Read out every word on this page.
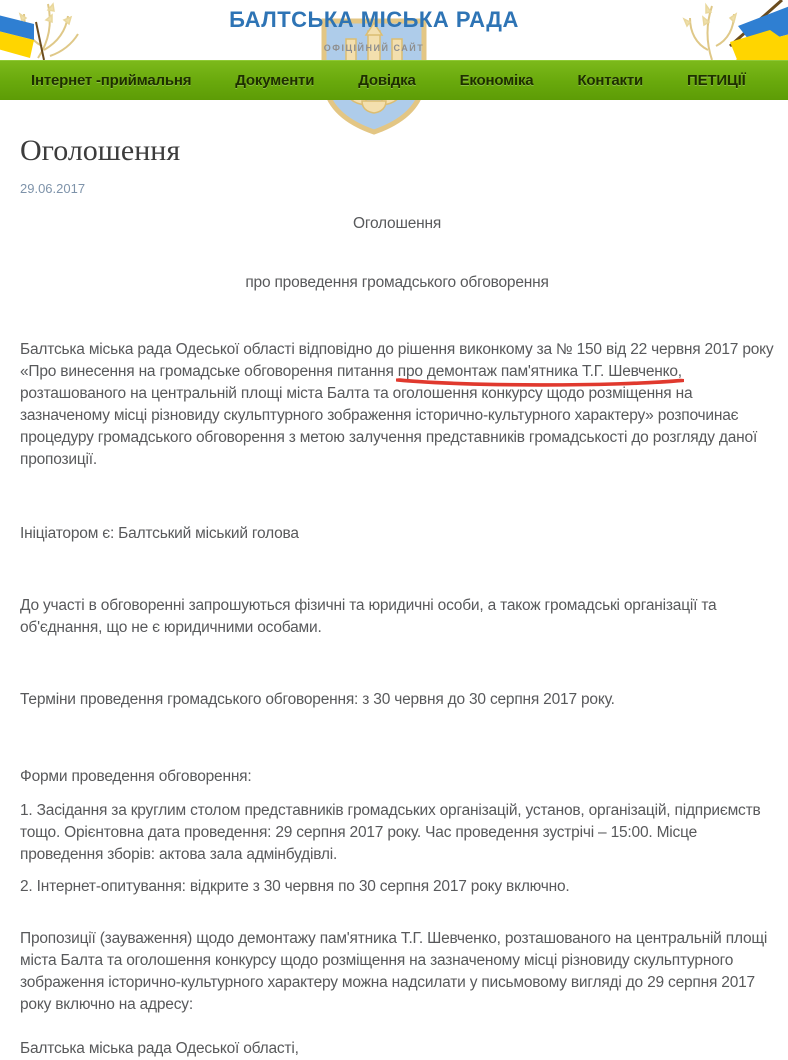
БАЛТСЬКА МІСЬКА РАДА
ОФІЦІЙНИЙ САЙТ
Інтернет -приймальня	Документи	Довідка	Економіка	Контакти	ПЕТИЦІЇ
Оголошення
29.06.2017

Оголошення

про проведення громадського обговорення

Балтська міська рада Одеської області відповідно до рішення виконкому за № 150 від 22 червня 2017 року «Про винесення на громадське обговорення питання про демонтаж пам'ятника Т.Г. Шевченко,
розташованого на центральній площі міста Балта та оголошення конкурсу щодо розміщення на зазначеному місці різновиду скульптурного зображення історично-культурного характеру» розпочинає процедуру громадського обговорення з метою залучення представників громадськості до розгляду даної пропозиції.

Ініціатором є: Балтський міський голова

До участі в обговоренні запрошуються фізичні та юридичні особи, а також громадські організації та об'єднання, що не є юридичними особами.

Терміни проведення громадського обговорення: з 30 червня до 30 серпня 2017 року.

Форми проведення обговорення:

1. Засідання за круглим столом представників громадських організацій, установ, організацій, підприємств тощо. Орієнтовна дата проведення: 29 серпня 2017 року. Час проведення зустрічі – 15:00. Місце проведення зборів: актова зала адмінбудівлі.

2. Інтернет-опитування: відкрите з 30 червня по 30 серпня 2017 року включно.

Пропозиції (зауваження) щодо демонтажу пам'ятника Т.Г. Шевченко, розташованого на центральній площі міста Балта та оголошення конкурсу щодо розміщення на зазначеному місці різновиду скульптурного зображення історично-культурного характеру можна надсилати у письмовому вигляді до 29 серпня 2017 року включно на адресу:

Балтська міська рада Одеської області,
